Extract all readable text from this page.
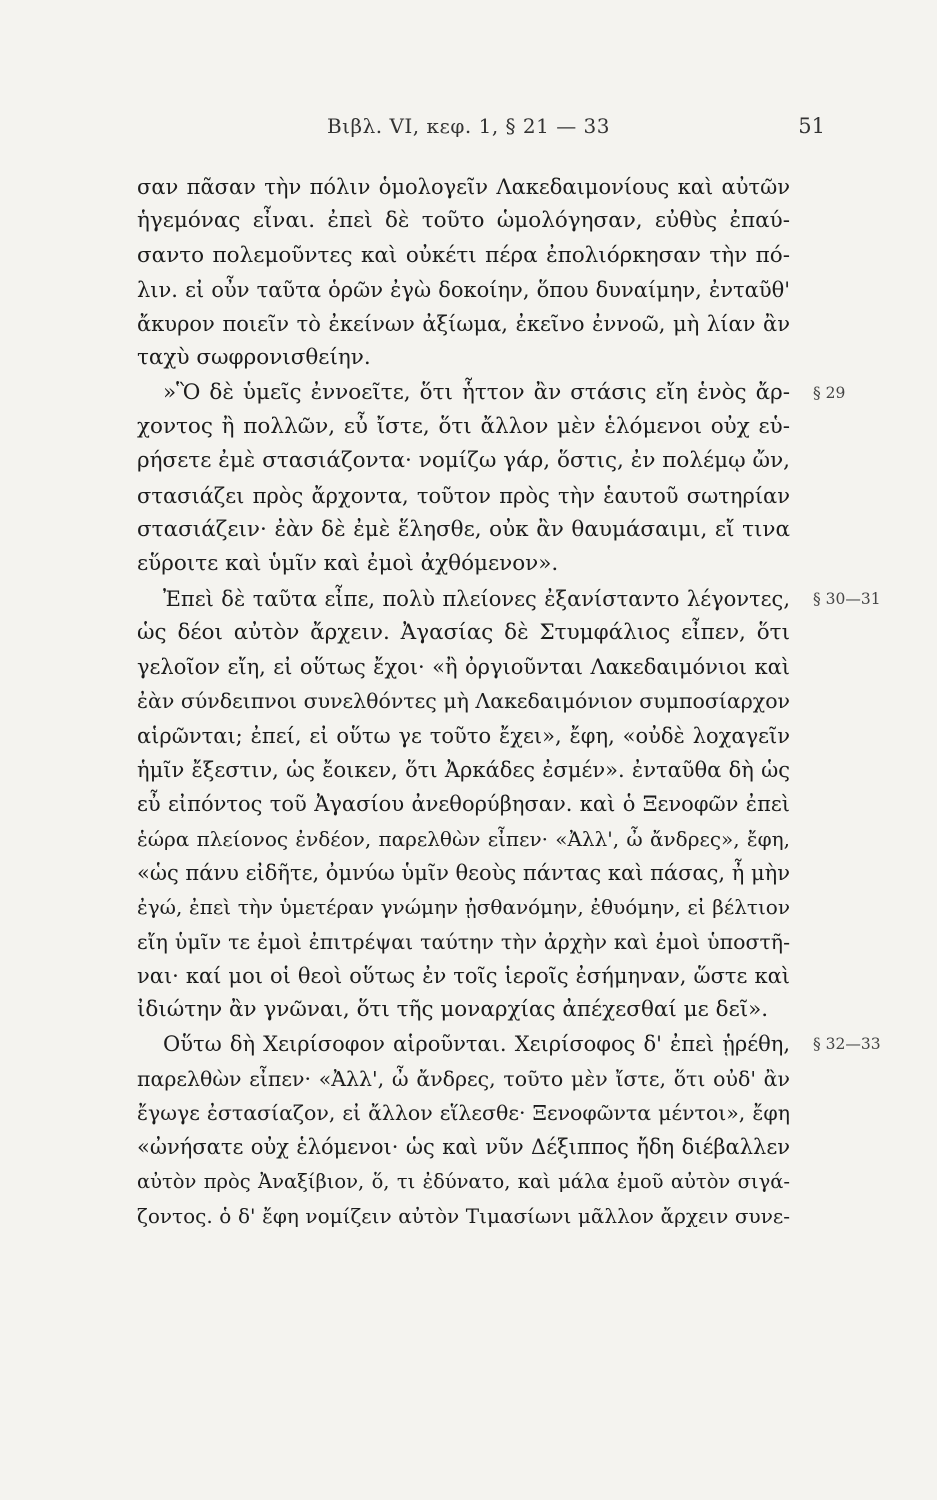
Βιβλ. VI, κεφ. 1, § 21 — 33	51
σαν πᾶσαν τὴν πόλιν ὁμολογεῖν Λακεδαιμονίους καὶ αὐτῶν
ἡγεμόνας εἶναι. ἐπεὶ δὲ τοῦτο ὡμολόγησαν, εὐθὺς ἐπαύ-
σαντο πολεμοῦντες καὶ οὐκέτι πέρα ἐπολιόρκησαν τὴν πό-
λιν. εἰ οὖν ταῦτα ὁρῶν ἐγὼ δοκοίην, ὅπου δυναίμην, ἐνταῦθ'
ἄκυρον ποιεῖν τὸ ἐκείνων ἀξίωμα, ἐκεῖνο ἐννοῶ, μὴ λίαν ἂν
ταχὺ σωφρονισθείην.
»Ὃ δὲ ὑμεῖς ἐννοεῖτε, ὅτι ἧττον ἂν στάσις εἴη ἑνὸς ἄρ- § 29
χοντος ἢ πολλῶν, εὖ ἴστε, ὅτι ἄλλον μὲν ἑλόμενοι οὐχ εὑ-
ρήσετε ἐμὲ στασιάζοντα· νομίζω γάρ, ὅστις, ἐν πολέμῳ ὤν,
στασιάζει πρὸς ἄρχοντα, τοῦτον πρὸς τὴν ἑαυτοῦ σωτηρίαν
στασιάζειν· ἐὰν δὲ ἐμὲ ἕλησθε, οὐκ ἂν θαυμάσαιμι, εἴ τινα
εὕροιτε καὶ ὑμῖν καὶ ἐμοὶ ἀχθόμενον».
Ἐπεὶ δὲ ταῦτα εἶπε, πολὺ πλείονες ἐξανίσταντο λέγοντες, § 30—31
ὡς δέοι αὐτὸν ἄρχειν. Ἀγασίας δὲ Στυμφάλιος εἶπεν, ὅτι
γελοῖον εἴη, εἰ οὕτως ἔχοι· «ἢ ὀργιοῦνται Λακεδαιμόνιοι καὶ
ἐὰν σύνδειπνοι συνελθόντες μὴ Λακεδαιμόνιον συμποσίαρχον
αἱρῶνται; ἐπεί, εἰ οὕτω γε τοῦτο ἔχει», ἔφη, «οὐδὲ λοχαγεῖν
ἡμῖν ἔξεστιν, ὡς ἔοικεν, ὅτι Ἀρκάδες ἐσμέν». ἐνταῦθα δὴ ὡς
εὖ εἰπόντος τοῦ Ἀγασίου ἀνεθορύβησαν. καὶ ὁ Ξενοφῶν ἐπεὶ
ἑώρα πλείονος ἐνδέον, παρελθὼν εἶπεν· «Ἀλλ', ὦ ἄνδρες», ἔφη,
«ὡς πάνυ εἰδῆτε, ὀμνύω ὑμῖν θεοὺς πάντας καὶ πάσας, ἦ μὴν
ἐγώ, ἐπεὶ τὴν ὑμετέραν γνώμην ᾐσθανόμην, ἐθυόμην, εἰ βέλτιον
εἴη ὑμῖν τε ἐμοὶ ἐπιτρέψαι ταύτην τὴν ἀρχὴν καὶ ἐμοὶ ὑποστῆ-
ναι· καί μοι οἱ θεοὶ οὕτως ἐν τοῖς ἱεροῖς ἐσήμηναν, ὥστε καὶ
ἰδιώτην ἂν γνῶναι, ὅτι τῆς μοναρχίας ἀπέχεσθαί με δεῖ».
Οὕτω δὴ Χειρίσοφον αἱροῦνται. Χειρίσοφος δ' ἐπεὶ ᾑρέθη, § 32—33
παρελθὼν εἶπεν· «Ἀλλ', ὦ ἄνδρες, τοῦτο μὲν ἴστε, ὅτι οὐδ' ἂν
ἔγωγε ἐστασίαζον, εἰ ἄλλον εἵλεσθε· Ξενοφῶντα μέντοι», ἔφη
«ὠνήσατε οὐχ ἑλόμενοι· ὡς καὶ νῦν Δέξιππος ἤδη διέβαλλεν
αὐτὸν πρὸς Ἀναξίβιον, ὅ, τι ἐδύνατο, καὶ μάλα ἐμοῦ αὐτὸν σιγά-
ζοντος. ὁ δ' ἔφη νομίζειν αὐτὸν Τιμασίωνι μᾶλλον ἄρχειν συνε-
